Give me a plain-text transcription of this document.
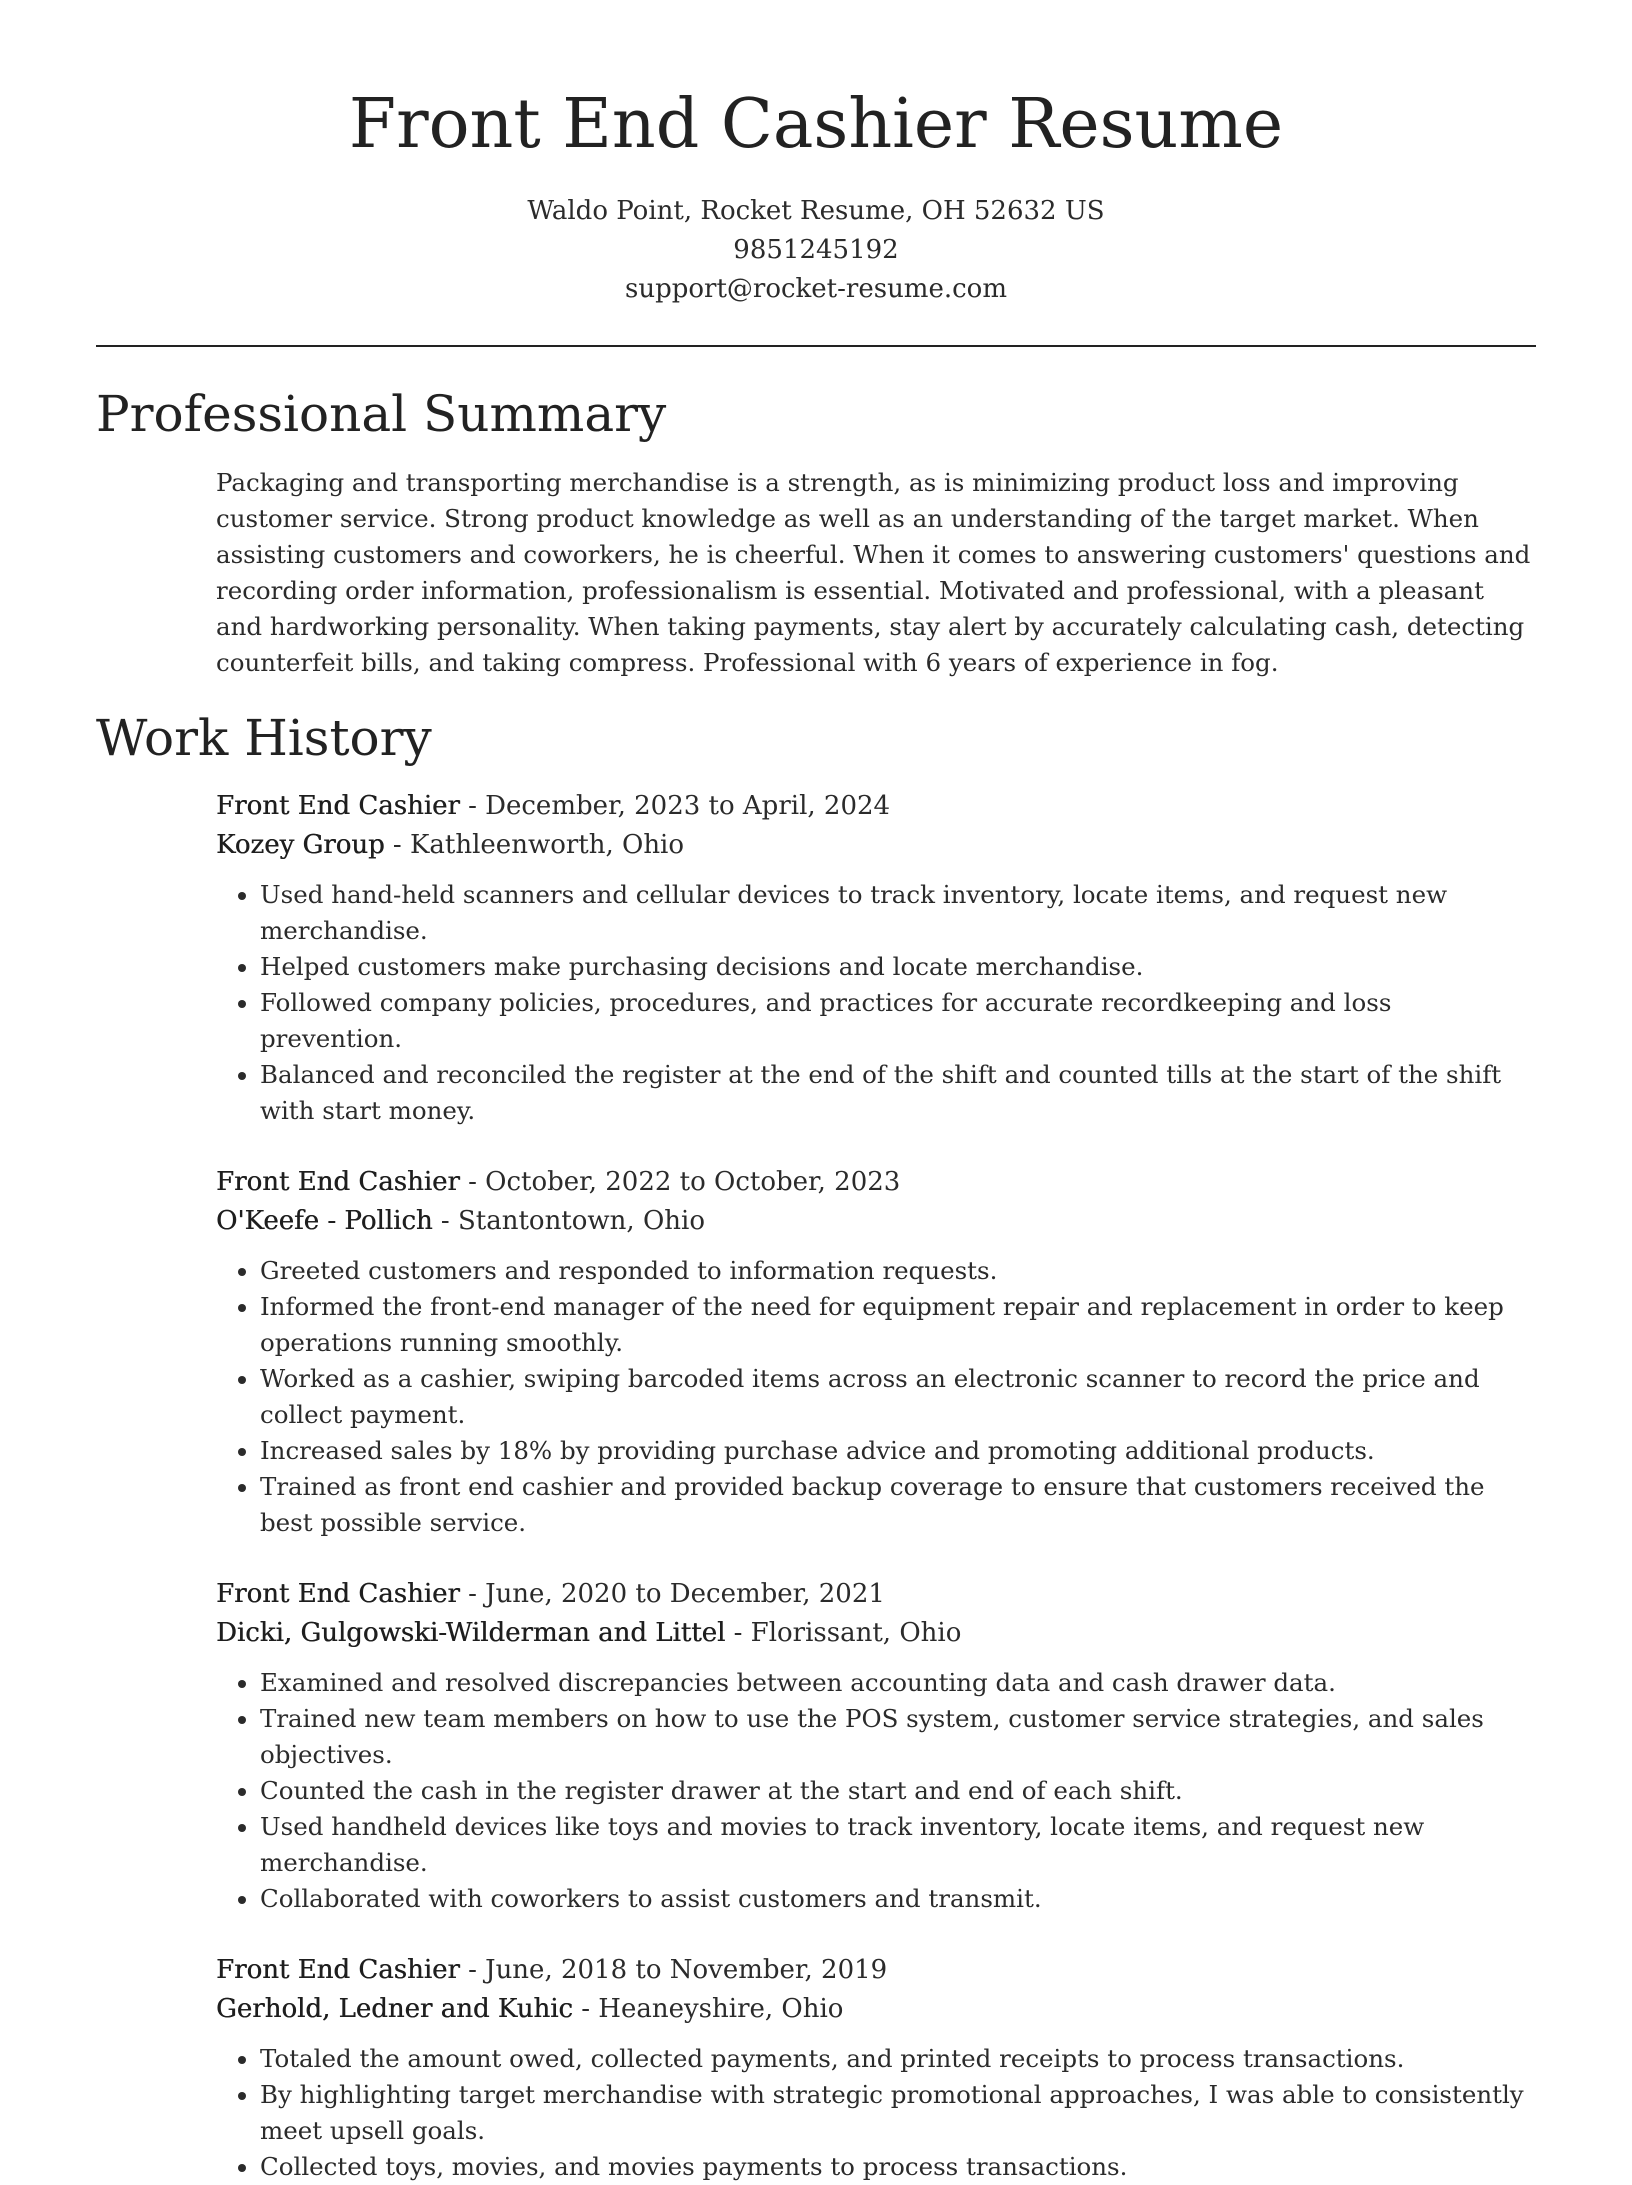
Front End Cashier Resume
Waldo Point, Rocket Resume, OH 52632 US
9851245192
support@rocket-resume.com
Professional Summary

Packaging and transporting merchandise is a strength, as is minimizing product loss and improving customer service. Strong product knowledge as well as an understanding of the target market. When assisting customers and coworkers, he is cheerful. When it comes to answering customers' questions and recording order information, professionalism is essential. Motivated and professional, with a pleasant and hardworking personality. When taking payments, stay alert by accurately calculating cash, detecting counterfeit bills, and taking compress. Professional with 6 years of experience in fog.

Work History
Front End Cashier - December, 2023 to April, 2024
Kozey Group - Kathleenworth, Ohio
• Used hand-held scanners and cellular devices to track inventory, locate items, and request new merchandise.
• Helped customers make purchasing decisions and locate merchandise.
• Followed company policies, procedures, and practices for accurate recordkeeping and loss prevention.
• Balanced and reconciled the register at the end of the shift and counted tills at the start of the shift with start money.
Front End Cashier - October, 2022 to October, 2023
O'Keefe - Pollich - Stantontown, Ohio
• Greeted customers and responded to information requests.
• Informed the front-end manager of the need for equipment repair and replacement in order to keep operations running smoothly.
• Worked as a cashier, swiping barcoded items across an electronic scanner to record the price and collect payment.
• Increased sales by 18% by providing purchase advice and promoting additional products.
• Trained as front end cashier and provided backup coverage to ensure that customers received the best possible service.
Front End Cashier - June, 2020 to December, 2021
Dicki, Gulgowski-Wilderman and Littel - Florissant, Ohio
• Examined and resolved discrepancies between accounting data and cash drawer data.
• Trained new team members on how to use the POS system, customer service strategies, and sales objectives.
• Counted the cash in the register drawer at the start and end of each shift.
• Used handheld devices like toys and movies to track inventory, locate items, and request new merchandise.
• Collaborated with coworkers to assist customers and transmit.
Front End Cashier - June, 2018 to November, 2019
Gerhold, Ledner and Kuhic - Heaneyshire, Ohio
• Totaled the amount owed, collected payments, and printed receipts to process transactions.
• By highlighting target merchandise with strategic promotional approaches, I was able to consistently meet upsell goals.
• Collected toys, movies, and movies payments to process transactions.
